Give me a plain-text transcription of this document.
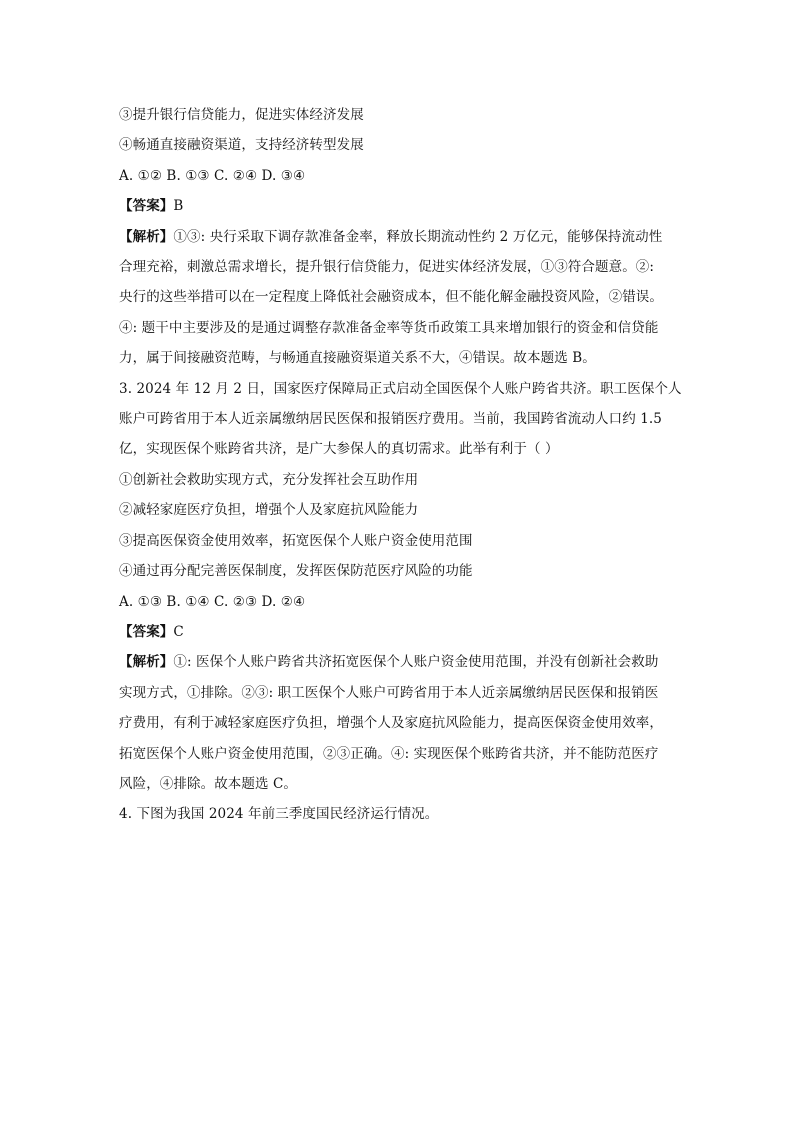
③提升银行信贷能力，促进实体经济发展
④畅通直接融资渠道，支持经济转型发展
A. ①② B. ①③ C. ②④ D. ③④
【答案】B
【解析】①③: 央行采取下调存款准备金率，释放长期流动性约 2 万亿元，能够保持流动性
合理充裕，刺激总需求增长，提升银行信贷能力，促进实体经济发展，①③符合题意。②:
央行的这些举措可以在一定程度上降低社会融资成本，但不能化解金融投资风险，②错误。
④: 题干中主要涉及的是通过调整存款准备金率等货币政策工具来增加银行的资金和信贷能
力，属于间接融资范畴，与畅通直接融资渠道关系不大，④错误。故本题选 B。
3. 2024 年 12 月 2 日，国家医疗保障局正式启动全国医保个人账户跨省共济。职工医保个人
账户可跨省用于本人近亲属缴纳居民医保和报销医疗费用。当前，我国跨省流动人口约 1.5
亿，实现医保个账跨省共济，是广大参保人的真切需求。此举有利于（ ）
①创新社会救助实现方式，充分发挥社会互助作用
②减轻家庭医疗负担，增强个人及家庭抗风险能力
③提高医保资金使用效率，拓宽医保个人账户资金使用范围
④通过再分配完善医保制度，发挥医保防范医疗风险的功能
A. ①③ B. ①④ C. ②③ D. ②④
【答案】C
【解析】①: 医保个人账户跨省共济拓宽医保个人账户资金使用范围，并没有创新社会救助
实现方式，①排除。②③: 职工医保个人账户可跨省用于本人近亲属缴纳居民医保和报销医
疗费用，有利于减轻家庭医疗负担，增强个人及家庭抗风险能力，提高医保资金使用效率，
拓宽医保个人账户资金使用范围，②③正确。④: 实现医保个账跨省共济，并不能防范医疗
风险，④排除。故本题选 C。
4. 下图为我国 2024 年前三季度国民经济运行情况。
